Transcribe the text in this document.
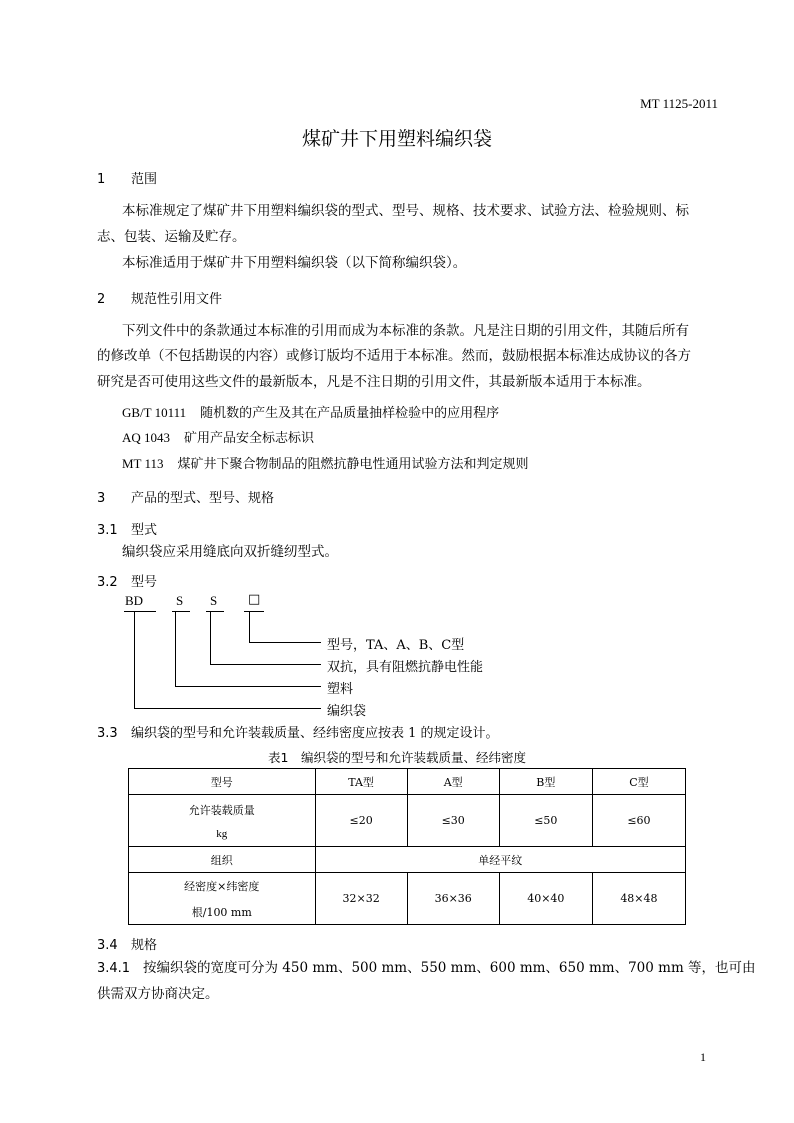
MT 1125-2011
煤矿井下用塑料编织袋
1 范围
本标准规定了煤矿井下用塑料编织袋的型式、型号、规格、技术要求、试验方法、检验规则、标
志、包装、运输及贮存。
本标准适用于煤矿井下用塑料编织袋（以下简称编织袋）。
2 规范性引用文件
下列文件中的条款通过本标准的引用而成为本标准的条款。凡是注日期的引用文件，其随后所有
的修改单（不包括勘误的内容）或修订版均不适用于本标准。然而，鼓励根据本标准达成协议的各方
研究是否可使用这些文件的最新版本，凡是不注日期的引用文件，其最新版本适用于本标准。
GB/T 10111 随机数的产生及其在产品质量抽样检验中的应用程序
AQ 1043 矿用产品安全标志标识
MT 113 煤矿井下聚合物制品的阻燃抗静电性通用试验方法和判定规则
3 产品的型式、型号、规格
3.1 型式
编织袋应采用缝底向双折缝纫型式。
3.2 型号
BD	S S □
型号，TA、A、B、C型
双抗，具有阻燃抗静电性能
塑料
编织袋
3.3 编织袋的型号和允许装载质量、经纬密度应按表 1 的规定设计。
表1　编织袋的型号和允许装载质量、经纬密度
型号	TA型	A型	B型	C型

允许装载质量
kg	≤20	≤30	≤50	≤60
组织	单经平纹			

经密度×纬密度
根/100 mm	32×32	36×36	40×40	48×48
3.4 规格
3.4.1 按编织袋的宽度可分为 450 mm、500 mm、550 mm、600 mm、650 mm、700 mm 等，也可由
供需双方协商决定。
1
